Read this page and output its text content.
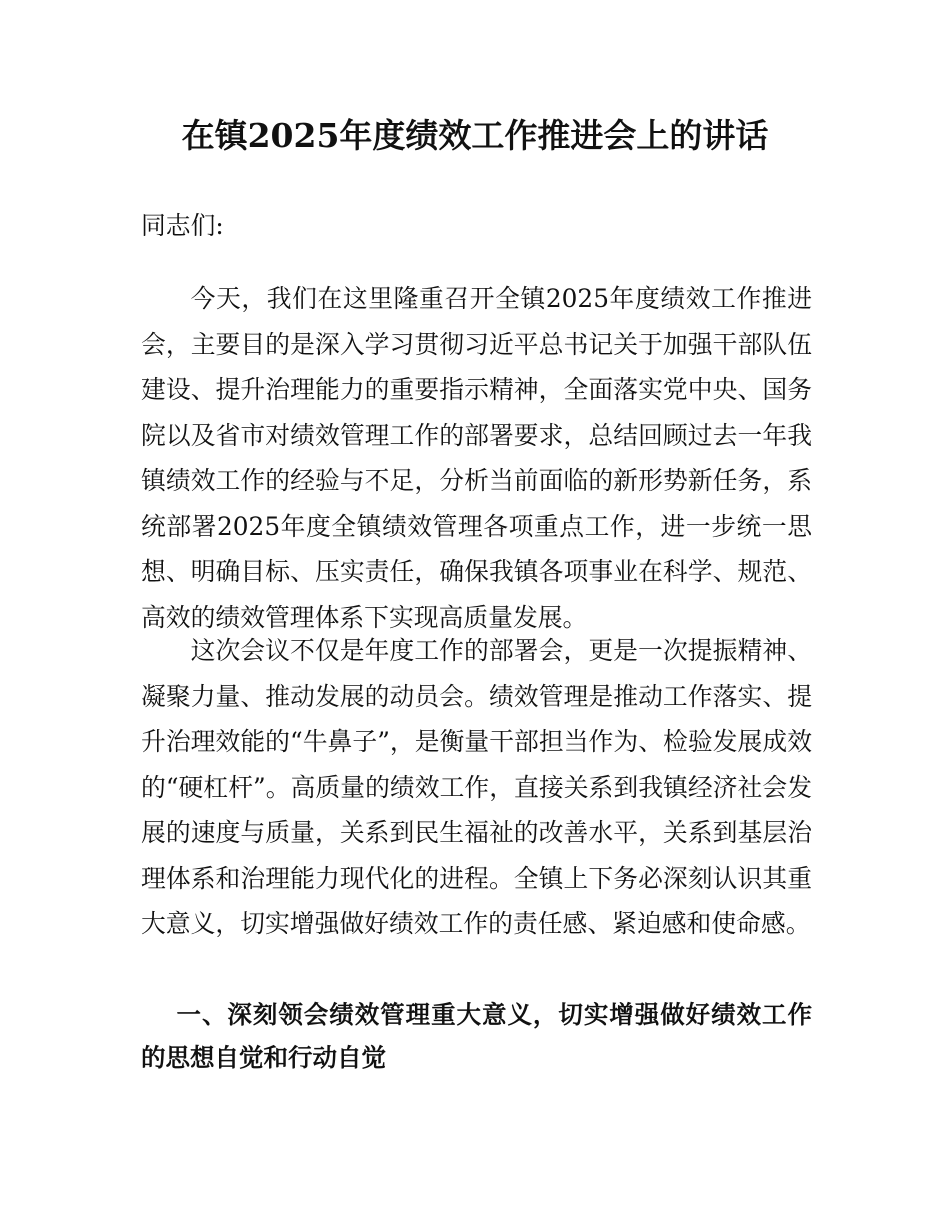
在镇2025年度绩效工作推进会上的讲话

同志们:

今天，我们在这里隆重召开全镇2025年度绩效工作推进会，主要目的是深入学习贯彻习近平总书记关于加强干部队伍建设、提升治理能力的重要指示精神，全面落实党中央、国务院以及省市对绩效管理工作的部署要求，总结回顾过去一年我镇绩效工作的经验与不足，分析当前面临的新形势新任务，系统部署2025年度全镇绩效管理各项重点工作，进一步统一思想、明确目标、压实责任，确保我镇各项事业在科学、规范、高效的绩效管理体系下实现高质量发展。

这次会议不仅是年度工作的部署会，更是一次提振精神、凝聚力量、推动发展的动员会。绩效管理是推动工作落实、提升治理效能的“牛鼻子”，是衡量干部担当作为、检验发展成效的“硬杠杆”。高质量的绩效工作，直接关系到我镇经济社会发展的速度与质量，关系到民生福祉的改善水平，关系到基层治理体系和治理能力现代化的进程。全镇上下务必深刻认识其重大意义，切实增强做好绩效工作的责任感、紧迫感和使命感。

一、深刻领会绩效管理重大意义，切实增强做好绩效工作的思想自觉和行动自觉
